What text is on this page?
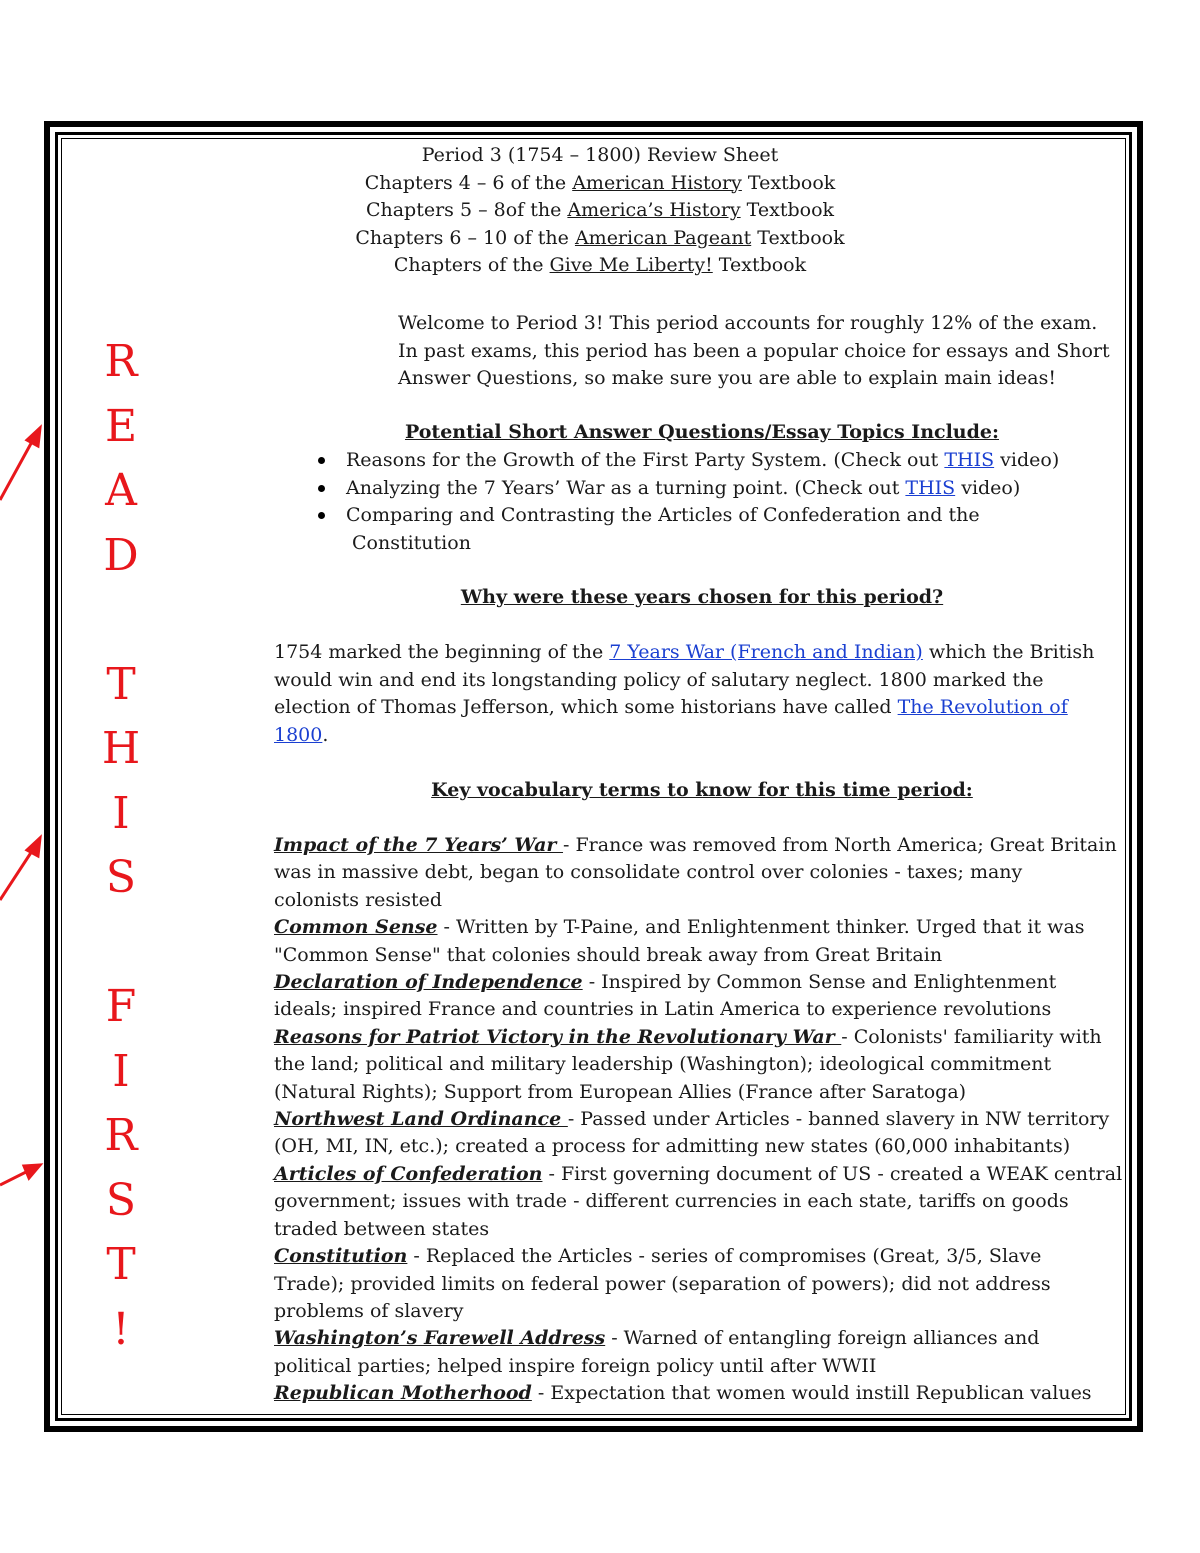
Period 3 (1754 – 1800) Review Sheet
Chapters 4 – 6 of the American History Textbook
Chapters 5 – 8of the America’s History Textbook
Chapters 6 – 10 of the American Pageant Textbook
Chapters of the Give Me Liberty! Textbook
Welcome to Period 3! This period accounts for roughly 12% of the exam.
In past exams, this period has been a popular choice for essays and Short
Answer Questions, so make sure you are able to explain main ideas!
Potential Short Answer Questions/Essay Topics Include:
Reasons for the Growth of the First Party System. (Check out THIS video)
Analyzing the 7 Years’ War as a turning point. (Check out THIS video)
Comparing and Contrasting the Articles of Confederation and the
Constitution
Why were these years chosen for this period?
1754 marked the beginning of the 7 Years War (French and Indian) which the British
would win and end its longstanding policy of salutary neglect. 1800 marked the
election of Thomas Jefferson, which some historians have called The Revolution of
1800.
Key vocabulary terms to know for this time period:

Impact of the 7 Years’ War - France was removed from North America; Great Britain
was in massive debt, began to consolidate control over colonies - taxes; many
colonists resisted

Common Sense - Written by T-Paine, and Enlightenment thinker. Urged that it was
"Common Sense" that colonies should break away from Great Britain

Declaration of Independence - Inspired by Common Sense and Enlightenment
ideals; inspired France and countries in Latin America to experience revolutions

Reasons for Patriot Victory in the Revolutionary War - Colonists' familiarity with
the land; political and military leadership (Washington); ideological commitment
(Natural Rights); Support from European Allies (France after Saratoga)

Northwest Land Ordinance - Passed under Articles - banned slavery in NW territory
(OH, MI, IN, etc.); created a process for admitting new states (60,000 inhabitants)

Articles of Confederation - First governing document of US - created a WEAK central
government; issues with trade - different currencies in each state, tariffs on goods
traded between states

Constitution - Replaced the Articles - series of compromises (Great, 3/5, Slave
Trade); provided limits on federal power (separation of powers); did not address
problems of slavery

Washington’s Farewell Address - Warned of entangling foreign alliances and
political parties; helped inspire foreign policy until after WWII

Republican Motherhood - Expectation that women would instill Republican values

R
E
A
D
T
H
I
S
F
I
R
S
T
!
